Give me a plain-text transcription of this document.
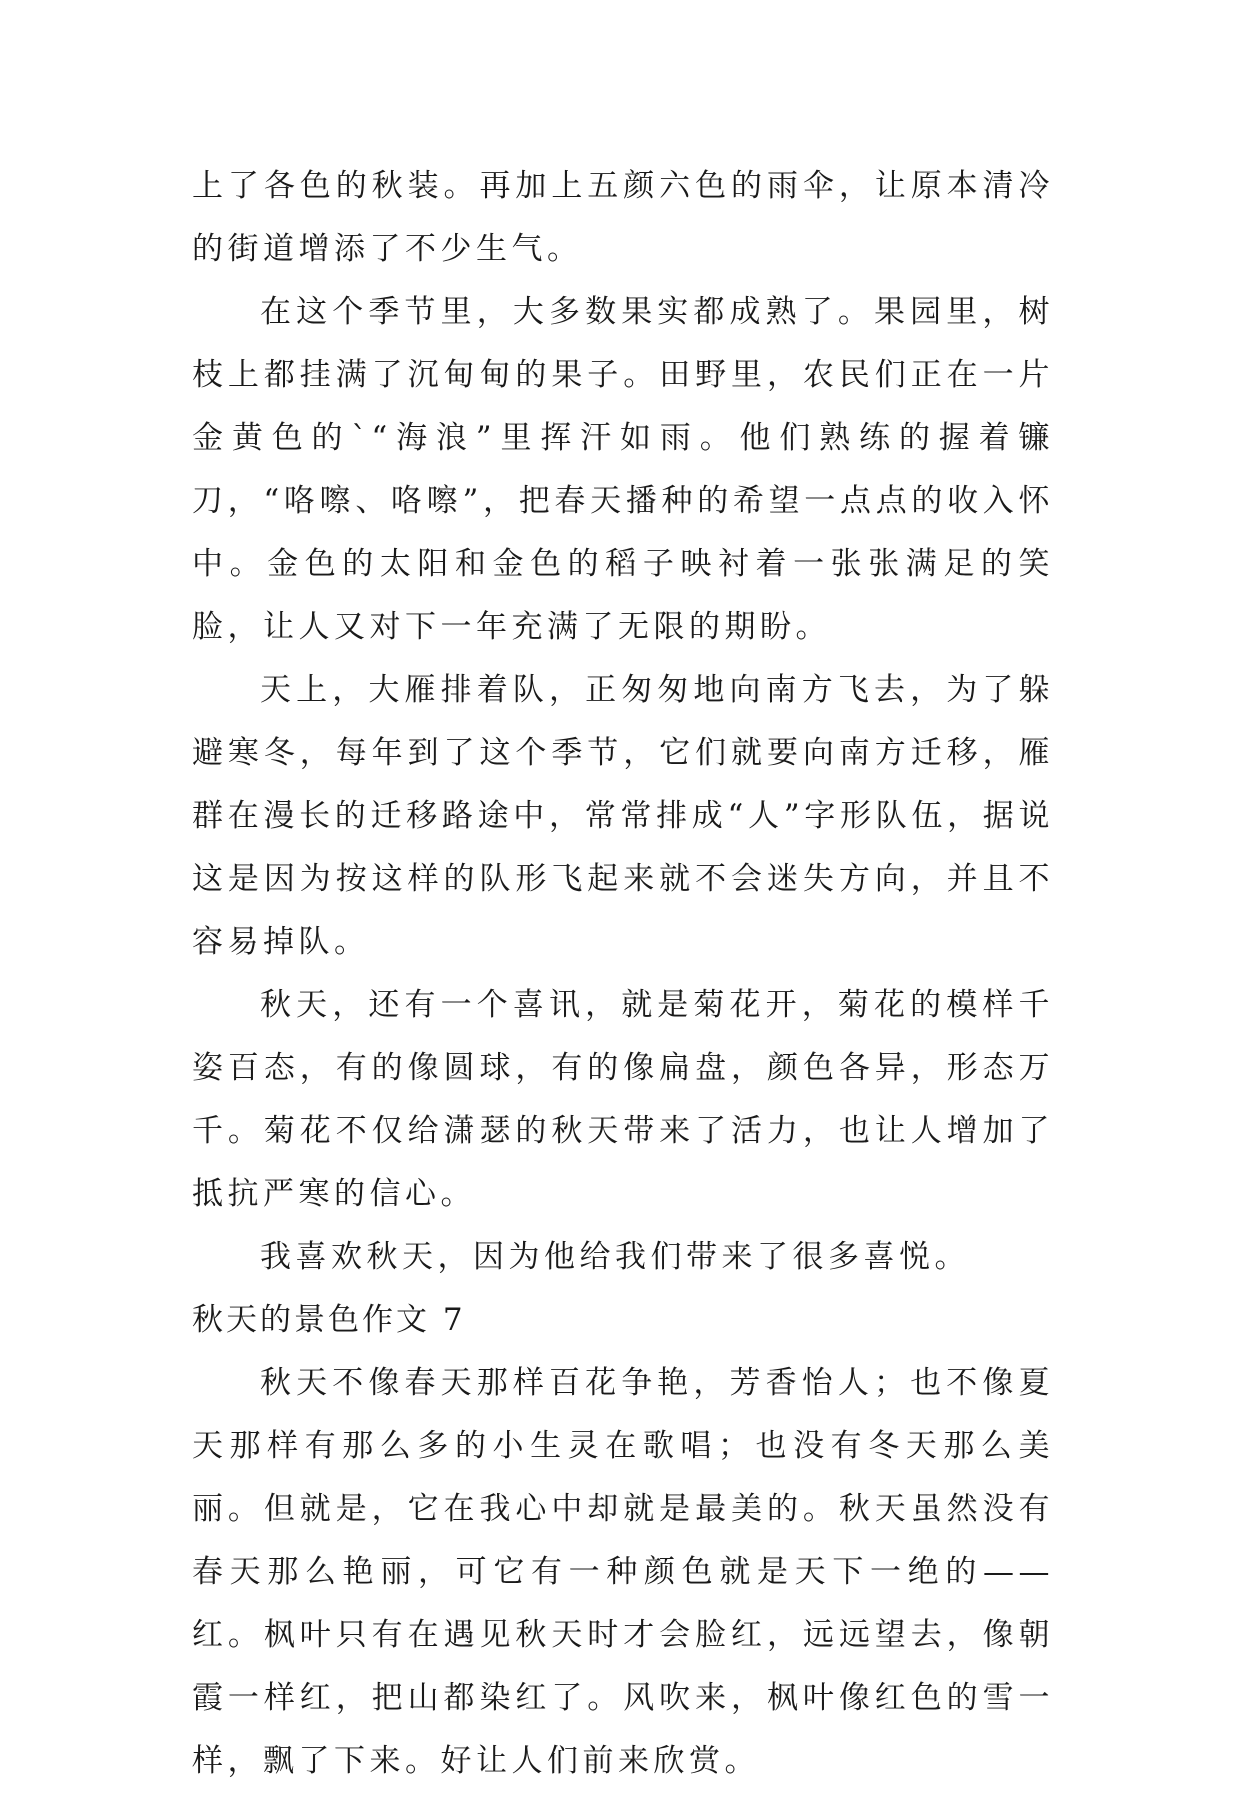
上了各色的秋装。再加上五颜六色的雨伞，让原本清冷的街道增添了不少生气。

在这个季节里，大多数果实都成熟了。果园里，树枝上都挂满了沉甸甸的果子。田野里，农民们正在一片金黄色的`“海浪”里挥汗如雨。他们熟练的握着镰刀，“咯嚓、咯嚓”，把春天播种的希望一点点的收入怀中。金色的太阳和金色的稻子映衬着一张张满足的笑脸，让人又对下一年充满了无限的期盼。

天上，大雁排着队，正匆匆地向南方飞去，为了躲避寒冬，每年到了这个季节，它们就要向南方迁移，雁群在漫长的迁移路途中，常常排成“人”字形队伍，据说这是因为按这样的队形飞起来就不会迷失方向，并且不容易掉队。

秋天，还有一个喜讯，就是菊花开，菊花的模样千姿百态，有的像圆球，有的像扁盘，颜色各异，形态万千。菊花不仅给潇瑟的秋天带来了活力，也让人增加了抵抗严寒的信心。

我喜欢秋天，因为他给我们带来了很多喜悦。

秋天的景色作文 7

秋天不像春天那样百花争艳，芳香怡人；也不像夏天那样有那么多的小生灵在歌唱；也没有冬天那么美丽。但就是，它在我心中却就是最美的。秋天虽然没有春天那么艳丽，可它有一种颜色就是天下一绝的——红。枫叶只有在遇见秋天时才会脸红，远远望去，像朝霞一样红，把山都染红了。风吹来，枫叶像红色的雪一样，飘了下来。好让人们前来欣赏。
